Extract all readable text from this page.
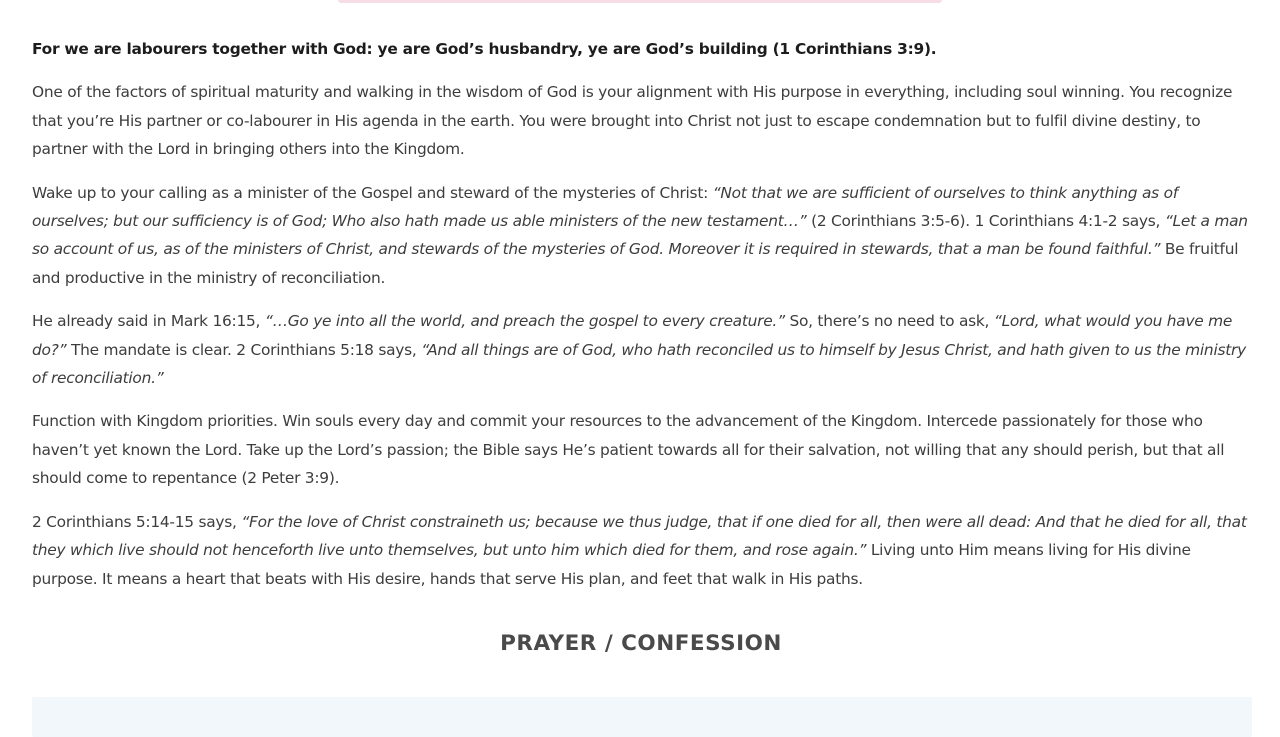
For we are labourers together with God: ye are God’s husbandry, ye are God’s building (1 Corinthians 3:9).

One of the factors of spiritual maturity and walking in the wisdom of God is your alignment with His purpose in everything, including soul winning. You recognize that you’re His partner or co-labourer in His agenda in the earth. You were brought into Christ not just to escape condemnation but to fulfil divine destiny, to partner with the Lord in bringing others into the Kingdom.

Wake up to your calling as a minister of the Gospel and steward of the mysteries of Christ: “Not that we are sufficient of ourselves to think anything as of ourselves; but our sufficiency is of God; Who also hath made us able ministers of the new testament…” (2 Corinthians 3:5-6). 1 Corinthians 4:1-2 says, “Let a man so account of us, as of the ministers of Christ, and stewards of the mysteries of God. Moreover it is required in stewards, that a man be found faithful.” Be fruitful and productive in the ministry of reconciliation.

He already said in Mark 16:15, “…Go ye into all the world, and preach the gospel to every creature.” So, there’s no need to ask, “Lord, what would you have me do?” The mandate is clear. 2 Corinthians 5:18 says, “And all things are of God, who hath reconciled us to himself by Jesus Christ, and hath given to us the ministry of reconciliation.”

Function with Kingdom priorities. Win souls every day and commit your resources to the advancement of the Kingdom. Intercede passionately for those who haven’t yet known the Lord. Take up the Lord’s passion; the Bible says He’s patient towards all for their salvation, not willing that any should perish, but that all should come to repentance (2 Peter 3:9).

2 Corinthians 5:14-15 says, “For the love of Christ constraineth us; because we thus judge, that if one died for all, then were all dead: And that he died for all, that they which live should not henceforth live unto themselves, but unto him which died for them, and rose again.” Living unto Him means living for His divine purpose. It means a heart that beats with His desire, hands that serve His plan, and feet that walk in His paths.

PRAYER / CONFESSION
